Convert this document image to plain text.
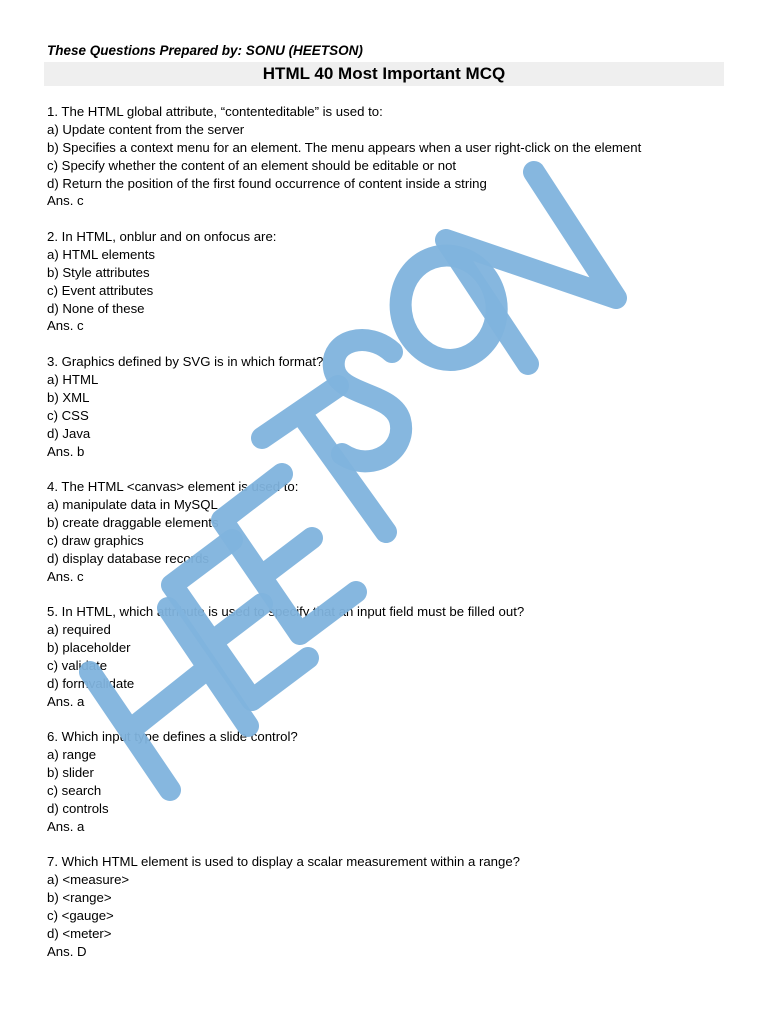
These Questions Prepared by: SONU (HEETSON)
HTML 40 Most Important MCQ
1. The HTML global attribute, “contenteditable” is used to:
a) Update content from the server
b) Specifies a context menu for an element. The menu appears when a user right-click on the element
c) Specify whether the content of an element should be editable or not
d) Return the position of the first found occurrence of content inside a string
Ans. c
2. In HTML, onblur and on onfocus are:
a) HTML elements
b) Style attributes
c) Event attributes
d) None of these
Ans. c
3. Graphics defined by SVG is in which format?
a) HTML
b) XML
c) CSS
d) Java
Ans. b
4. The HTML <canvas> element is used to:
a) manipulate data in MySQL
b) create draggable elements
c) draw graphics
d) display database records
Ans. c
5. In HTML, which attribute is used to specify that an input field must be filled out?
a) required
b) placeholder
c) validate
d) formvalidate
Ans. a
6. Which input type defines a slide control?
a) range
b) slider
c) search
d) controls
Ans. a
7. Which HTML element is used to display a scalar measurement within a range?
a) <measure>
b) <range>
c) <gauge>
d) <meter>
Ans. D
